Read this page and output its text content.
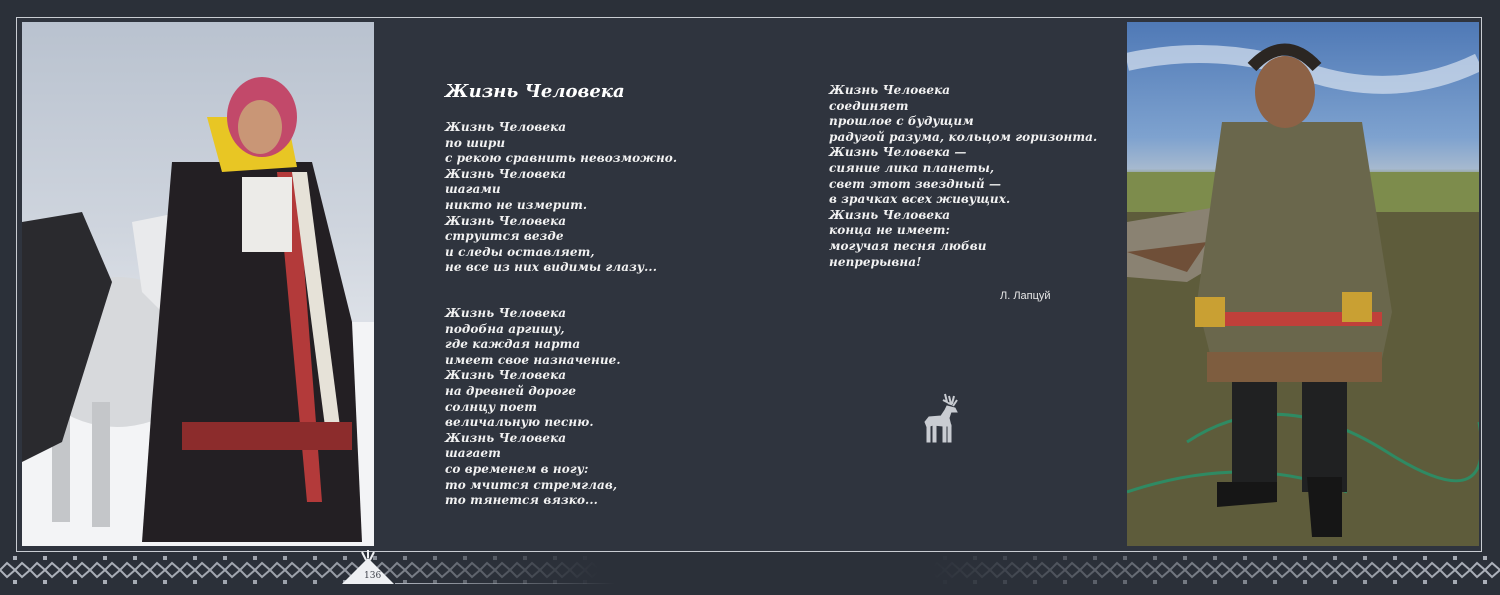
Жизнь Человека
Жизнь Человека
по шири
с рекою сравнить невозможно.
Жизнь Человека
шагами
никто не измерит.
Жизнь Человека
струится везде
и следы оставляет,
не все из них видимы глазу...
Жизнь Человека
подобна аргишу,
где каждая нарта
имеет свое назначение.
Жизнь Человека
на древней дороге
солнцу поет
величальную песню.
Жизнь Человека
шагает
со временем в ногу:
то мчится стремглав,
то тянется вязко...
Жизнь Человека
соединяет
прошлое с будущим
радугой разума, кольцом горизонта.
Жизнь Человека —
сияние лика планеты,
свет этот звездный —
в зрачках всех живущих.
Жизнь Человека
конца не имеет:
могучая песня любви
непрерывна!
Л. Лапцуй
136
